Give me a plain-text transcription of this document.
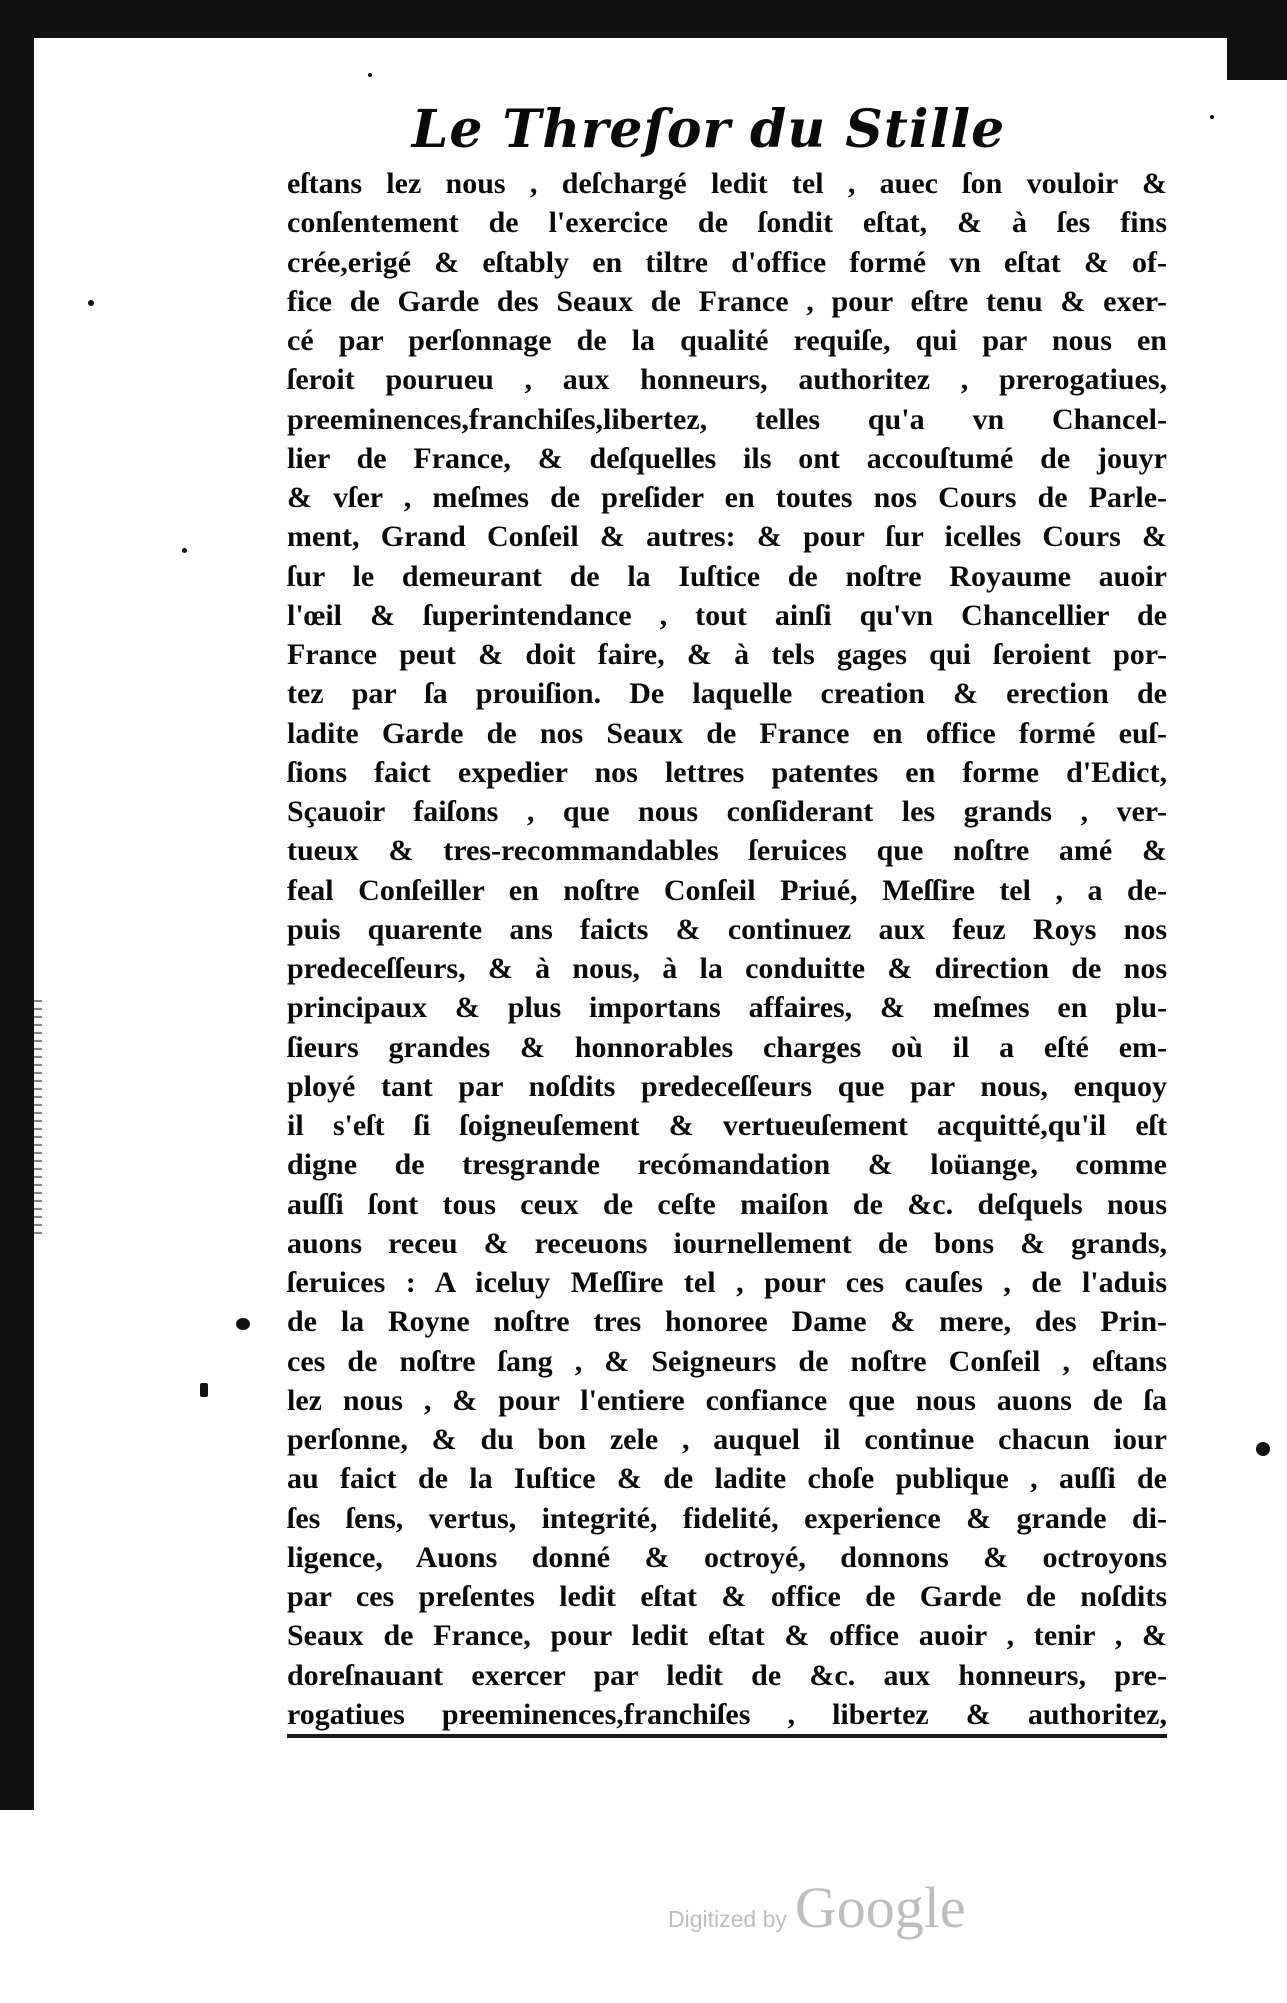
Le Threſor du Stille
eſtans lez nous , deſchargé ledit tel , auec ſon vouloir &
conſentement de l'exercice de ſondit eſtat, & à ſes fins
crée,erigé & eſtably en tiltre d'office formé vn eſtat & of-
fice de Garde des Seaux de France , pour eſtre tenu & exer-
cé par perſonnage de la qualité requiſe, qui par nous en
ſeroit pourueu , aux honneurs, authoritez , prerogatiues,
preeminences,franchiſes,libertez, telles qu'a vn Chancel-
lier de France, & deſquelles ils ont accouſtumé de jouyr
& vſer , meſmes de preſider en toutes nos Cours de Parle-
ment, Grand Conſeil & autres: & pour ſur icelles Cours &
ſur le demeurant de la Iuſtice de noſtre Royaume auoir
l'œil & ſuperintendance , tout ainſi qu'vn Chancellier de
France peut & doit faire, & à tels gages qui ſeroient por-
tez par ſa prouiſion. De laquelle creation & erection de
ladite Garde de nos Seaux de France en office formé euſ-
ſions faict expedier nos lettres patentes en forme d'Edict,
Sçauoir faiſons , que nous conſiderant les grands , ver-
tueux & tres-recommandables ſeruices que noſtre amé &
feal Conſeiller en noſtre Conſeil Priué, Meſſire tel , a de-
puis quarente ans faicts & continuez aux feuz Roys nos
predeceſſeurs, & à nous, à la conduitte & direction de nos
principaux & plus importans affaires, & meſmes en plu-
ſieurs grandes & honnorables charges où il a eſté em-
ployé tant par noſdits predeceſſeurs que par nous, enquoy
il s'eſt ſi ſoigneuſement & vertueuſement acquitté,qu'il eſt
digne de tresgrande recómandation & loüange, comme
auſſi ſont tous ceux de ceſte maiſon de &c. deſquels nous
auons receu & receuons iournellement de bons & grands,
ſeruices : A iceluy Meſſire tel , pour ces cauſes , de l'aduis
de la Royne noſtre tres honoree Dame & mere, des Prin-
ces de noſtre ſang , & Seigneurs de noſtre Conſeil , eſtans
lez nous , & pour l'entiere confiance que nous auons de ſa
perſonne, & du bon zele , auquel il continue chacun iour
au faict de la Iuſtice & de ladite choſe publique , auſſi de
ſes ſens, vertus, integrité, fidelité, experience & grande di-
ligence, Auons donné & octroyé, donnons & octroyons
par ces preſentes ledit eſtat & office de Garde de noſdits
Seaux de France, pour ledit eſtat & office auoir , tenir , &
doreſnauant exercer par ledit de &c. aux honneurs, pre-
rogatiues preeminences,franchiſes , libertez & authoritez,
Digitized by Google
